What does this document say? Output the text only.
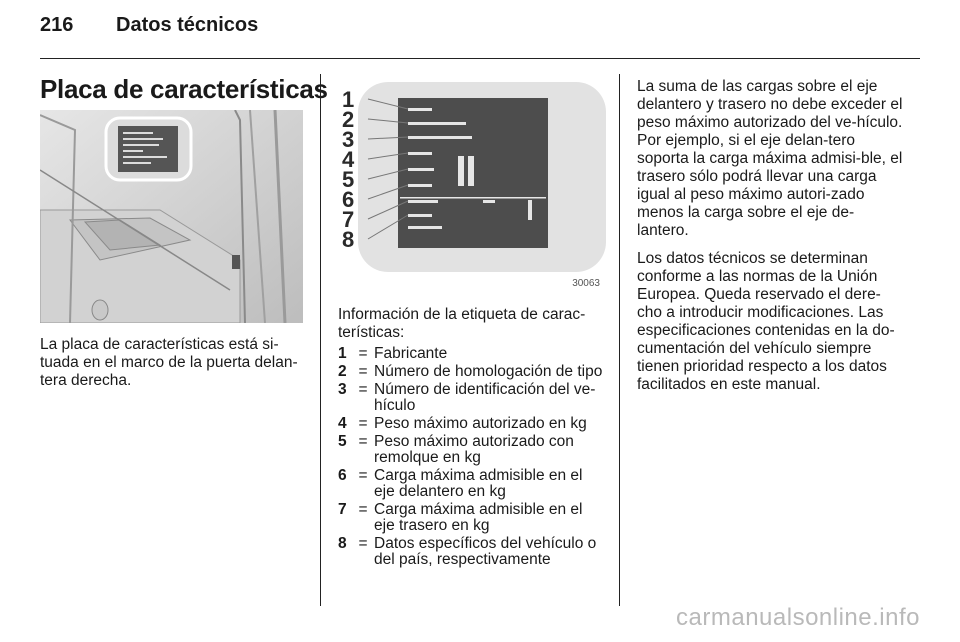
216 Datos técnicos
Placa de características

La placa de características está si-tuada en el marco de la puerta delan-tera derecha.

1
2
3
4
5
6
7
8
30063

Información de la etiqueta de carac-terísticas:

1 = Fabricante
2 = Número de homologación de tipo
3 = Número de identificación del ve-hículo
4 = Peso máximo autorizado en kg
5 = Peso máximo autorizado con remolque en kg
6 = Carga máxima admisible en el eje delantero en kg
7 = Carga máxima admisible en el eje trasero en kg
8 = Datos específicos del vehículo o del país, respectivamente

La suma de las cargas sobre el eje delantero y trasero no debe exceder el peso máximo autorizado del ve-hículo. Por ejemplo, si el eje delan-tero soporta la carga máxima admisi-ble, el trasero sólo podrá llevar una carga igual al peso máximo autori-zado menos la carga sobre el eje de-lantero.

Los datos técnicos se determinan conforme a las normas de la Unión Europea. Queda reservado el dere-cho a introducir modificaciones. Las especificaciones contenidas en la do-cumentación del vehículo siempre tienen prioridad respecto a los datos facilitados en este manual.

carmanualsonline.info
